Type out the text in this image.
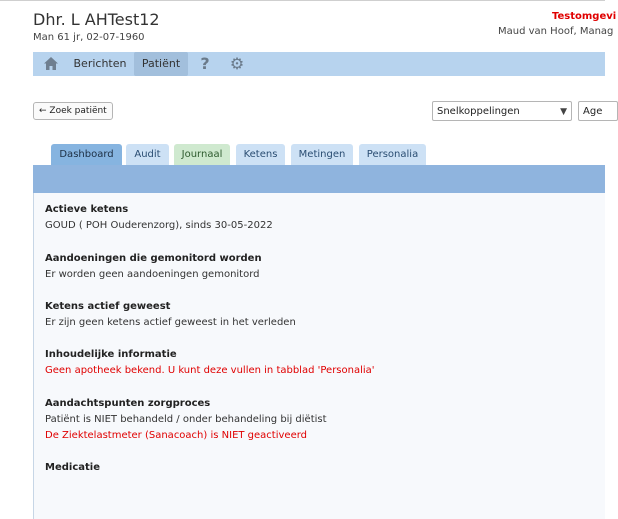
Dhr. L AHTest12
Man 61 jr, 02-07-1960
Testomgevi
Maud van Hoof, Manag
Berichten	Patiënt	?	⚙
← Zoek patiënt	Snelkoppelingen	▼	Age
Dashboard	Audit	Journaal	Ketens	Metingen	Personalia
Actieve ketens
GOUD ( POH Ouderenzorg), sinds 30-05-2022
Aandoeningen die gemonitord worden
Er worden geen aandoeningen gemonitord
Ketens actief geweest
Er zijn geen ketens actief geweest in het verleden
Inhoudelijke informatie
Geen apotheek bekend. U kunt deze vullen in tabblad 'Personalia'
Aandachtspunten zorgproces
Patiënt is NIET behandeld / onder behandeling bij diëtist
De Ziektelastmeter (Sanacoach) is NIET geactiveerd
Medicatie
